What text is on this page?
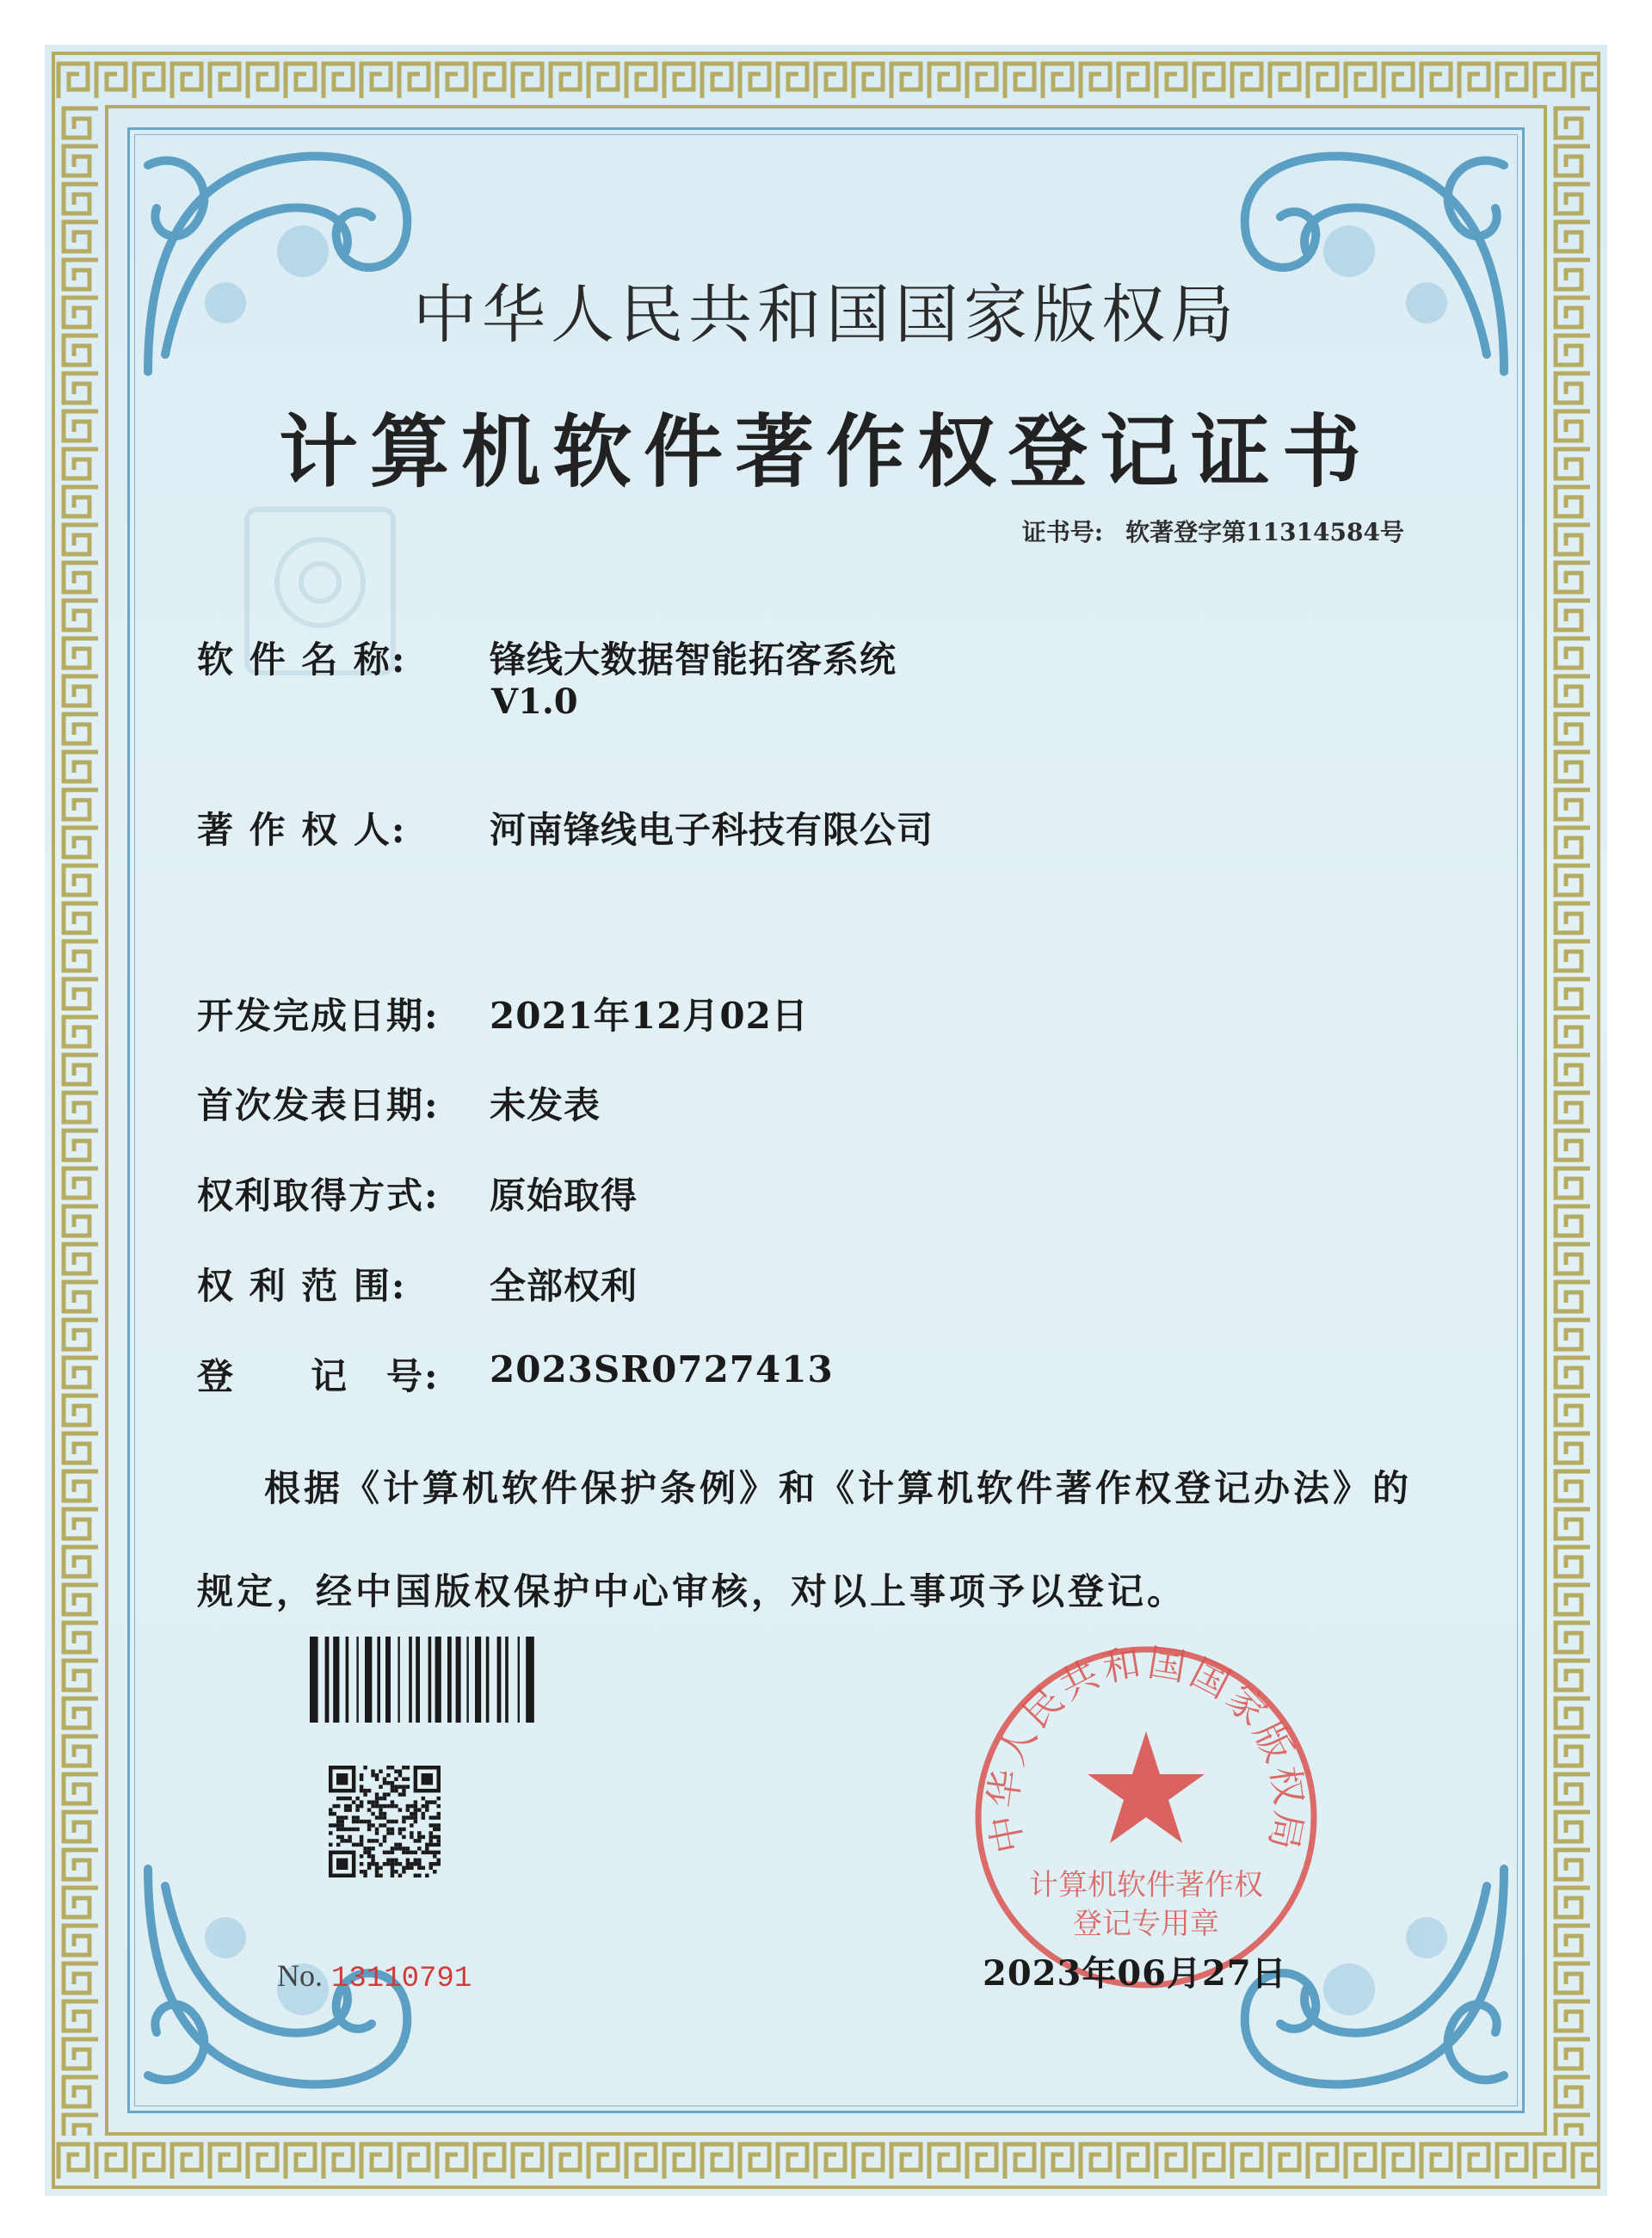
中华人民共和国国家版权局
计算机软件著作权登记证书
证书号: 软著登字第11314584号
软 件 名 称:	锋线大数据智能拓客系统
V1.0
著 作 权 人:	河南锋线电子科技有限公司
开发完成日期:	2021年12月02日
首次发表日期:	未发表
权利取得方式:	原始取得
权 利 范 围:	全部权利
登　　记　号:	2023SR0727413
根据《计算机软件保护条例》和《计算机软件著作权登记办法》的
规定，经中国版权保护中心审核，对以上事项予以登记。
No. 13110791
中华人民共和国国家版权局
计算机软件著作权
登记专用章
2023年06月27日
